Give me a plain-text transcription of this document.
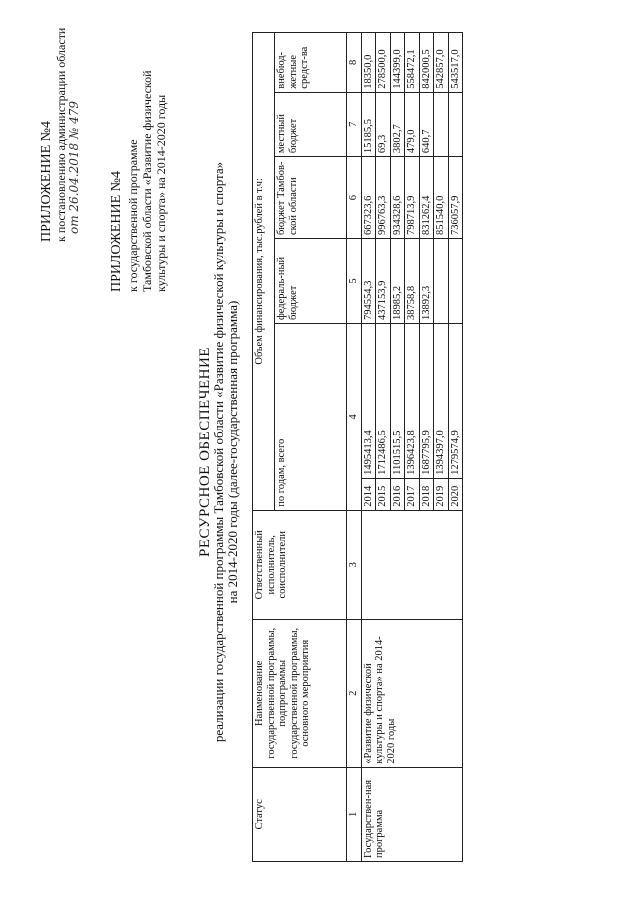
ПРИЛОЖЕНИЕ №4 к постановлению администрации области от 26.04.2018 № 479 ПРИЛОЖЕНИЕ №4 к государственной программе Тамбовской области «Развитие физической культуры и спорта» на 2014-2020 годы
РЕСУРСНОЕ ОБЕСПЕЧЕНИЕ
реализации государственной программы Тамбовской области «Развитие физической культуры и спорта» на 2014-2020 годы (далее-государственная программа)
Статус	Наименование государственной программы, подпрограммы государственной программы, основного мероприятия	Ответственный исполнитель, соисполнители	Объем финансирования, тыс.рублей в т.ч:					
			по годам, всего		федераль-ный бюджет	бюджет Тамбов-ской области	местный бюджет	внебюд-жетные средст-ва
1	2	3	4		5	6	7	8
Государствен-ная программа	«Развитие физической культуры и спорта» на 2014-2020 годы		2014	1495413,4	794554,3	667323,6	15185,5	18350,0
			2015	1712486,5	437153,9	996763,3	69,3	278500,0
			2016	1101515,5	18985,2	934328,6	3802,7	144399,0
			2017	1396423,8	38758,8	798713,9	479,0	558472,1
			2018	1687795,9	13892,3	831262,4	640,7	842000,5
			2019	1394397,0		851540,0		542857,0
			2020	1279574,9		736057,9		543517,0
